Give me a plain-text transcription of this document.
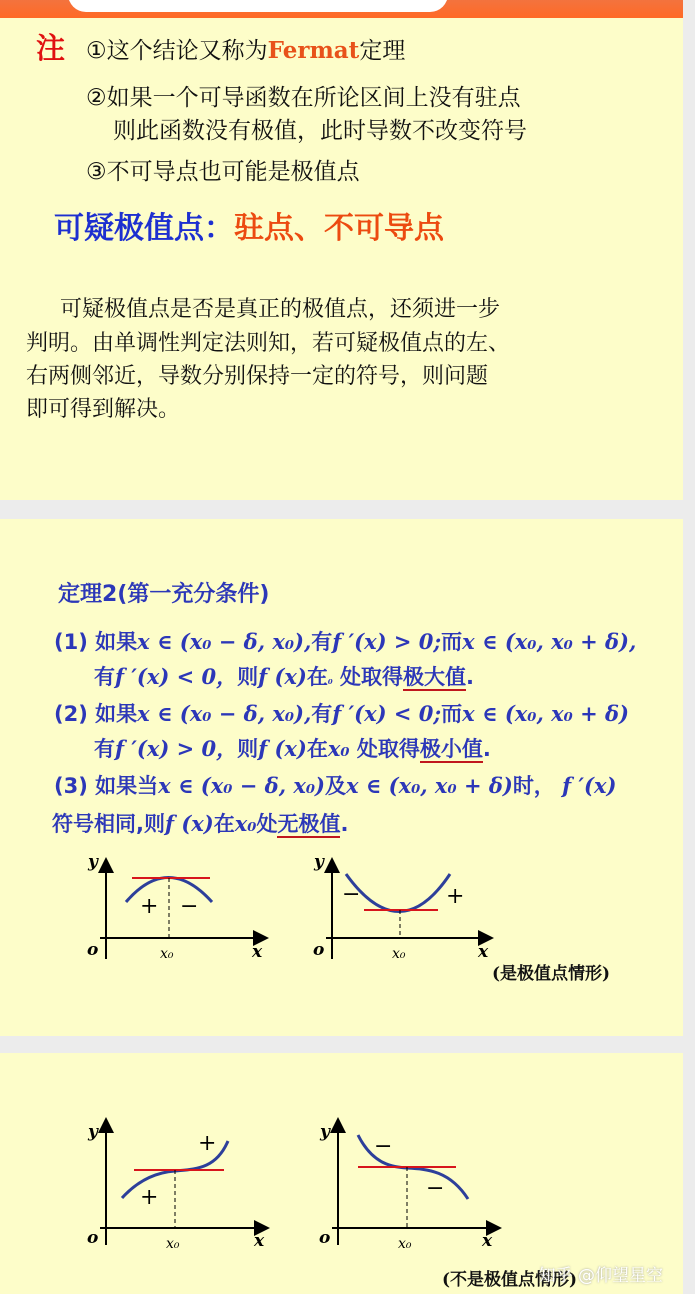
注 ①这个结论又称为Fermat定理
②如果一个可导函数在所论区间上没有驻点
则此函数没有极值，此时导数不改变符号
③不可导点也可能是极值点
可疑极值点：驻点、不可导点
可疑极值点是否是真正的极值点，还须进一步
判明。由单调性判定法则知，若可疑极值点的左、
右两侧邻近，导数分别保持一定的符号，则问题
即可得到解决。
定理2(第一充分条件)
(1) 如果x ∈ (x₀ − δ, x₀),有f ′(x) > 0;而x ∈ (x₀, x₀ + δ),
有f ′(x) < 0，则f (x)在₀ 处取得极大值.
(2) 如果x ∈ (x₀ − δ, x₀),有f ′(x) < 0;而x ∈ (x₀, x₀ + δ)
有f ′(x) > 0，则f (x)在x₀ 处取得极小值.
(3) 如果当x ∈ (x₀ − δ, x₀)及x ∈ (x₀, x₀ + δ)时， f ′(x)
符号相同,则f (x)在x₀处无极值.
y
o	x
x₀
+ −
y
o	x
x₀
−	+
(是极值点情形)
y
o	x
x₀
+
+	y
o	x
x₀
−
−
(不是极值点情形)
知乎 @仰望星空
